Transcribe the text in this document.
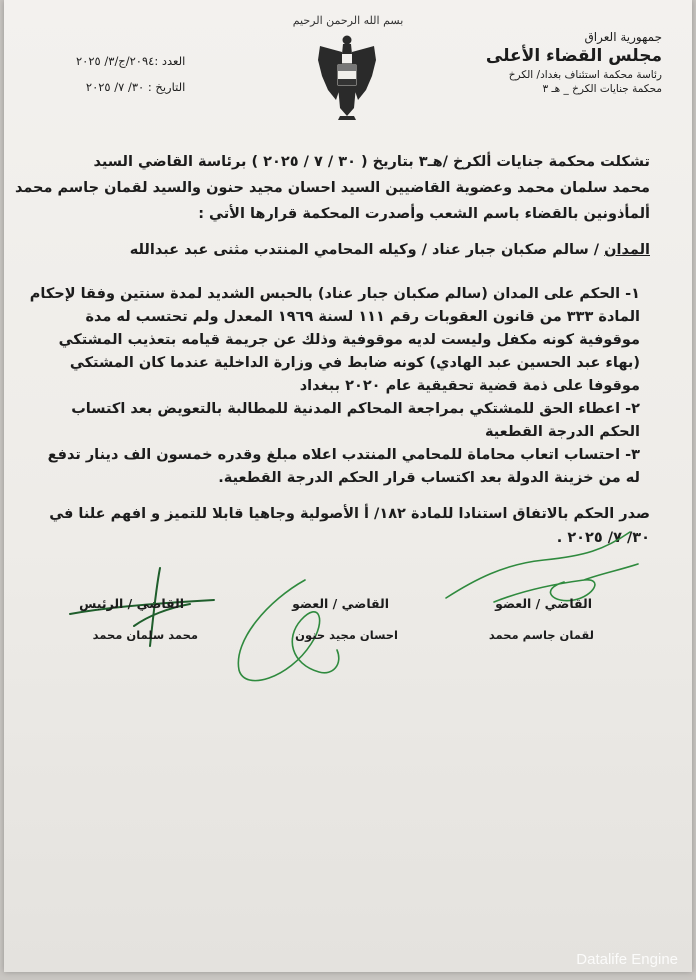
بسم الله الرحمن الرحيم
جمهورية العراق
مجلس القضاء الأعلى
رئاسة محكمة استئناف بغداد/ الكرخ
محكمة جنايات الكرخ _ هـ ٣
العدد :٢٠٩٤/ج/٣/ ٢٠٢٥
التاريخ : ٣٠/ ٧/ ٢٠٢٥
تشكلت محكمة جنايات ألكرخ /هـ٣ بتاريخ ( ٣٠ / ٧ / ٢٠٢٥ ) برئاسة القاضي السيد
محمد سلمان محمد وعضوية القاضيين السيد احسان مجيد حنون والسيد لقمان جاسم محمد
ألمأذونين بالقضاء باسم الشعب وأصدرت المحكمة قرارها الأتي :
المدان / سالم صكبان جبار عناد / وكيله المحامي المنتدب مثنى عبد عبدالله
١- الحكم على المدان (سالم صكبان جبار عناد) بالحبس الشديد لمدة سنتين وفقا لإحكام
المادة ٣٣٣ من قانون العقوبات رقم ١١١ لسنة ١٩٦٩ المعدل ولم تحتسب له مدة
موقوفية كونه مكفل وليست لديه موقوفية وذلك عن جريمة قيامه بتعذيب المشتكي
(بهاء عبد الحسين عبد الهادي) كونه ضابط في وزارة الداخلية عندما كان المشتكي
موقوفا على ذمة قضية تحقيقية عام ٢٠٢٠ ببغداد
٢- اعطاء الحق للمشتكي بمراجعة المحاكم المدنية للمطالبة بالتعويض بعد اكتساب
الحكم الدرجة القطعية
٣- احتساب اتعاب محاماة للمحامي المنتدب اعلاه مبلغ وقدره خمسون الف دينار تدفع
له من خزينة الدولة بعد اكتساب قرار الحكم الدرجة القطعية.
صدر الحكم بالاتفاق استنادا للمادة ١٨٢/ أ الأصولية وجاهيا قابلا للتميز و افهم علنا في
٣٠/ ٧/ ٢٠٢٥ .
القاضي / العضو
لقمان جاسم محمد
القاضي / العضو
احسان مجيد حنون
القاضي / الرئيس
محمد سلمان محمد
Datalife Engine
